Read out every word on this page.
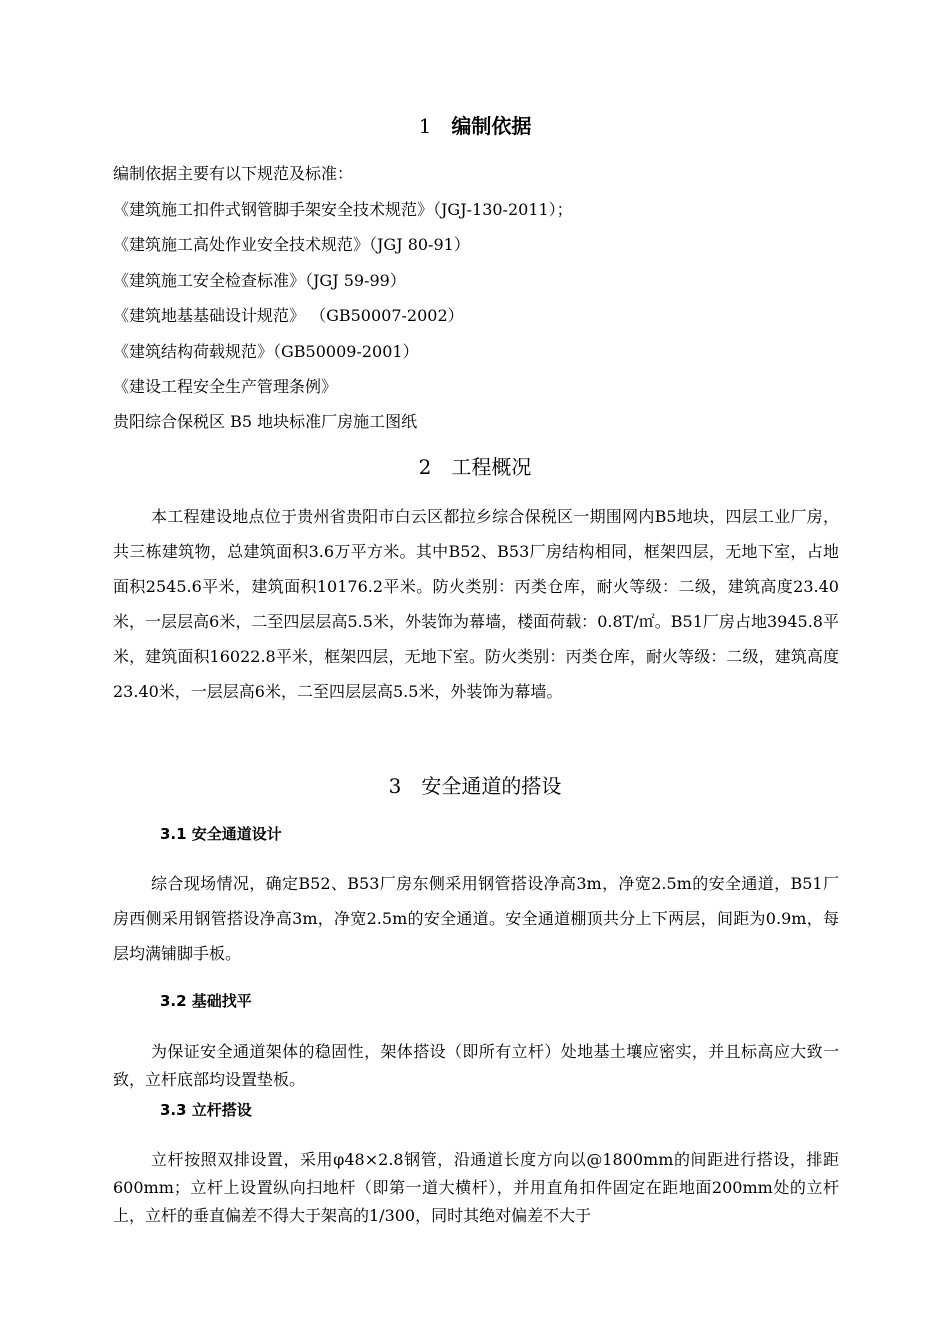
1 编制依据
编制依据主要有以下规范及标准：
《建筑施工扣件式钢管脚手架安全技术规范》（JGJ-130-2011）；
《建筑施工高处作业安全技术规范》（JGJ 80-91）
《建筑施工安全检查标准》（JGJ 59-99）
《建筑地基基础设计规范》 （GB50007-2002）
《建筑结构荷载规范》（GB50009-2001）
《建设工程安全生产管理条例》
贵阳综合保税区 B5 地块标准厂房施工图纸
2 工程概况
本工程建设地点位于贵州省贵阳市白云区都拉乡综合保税区一期围网内B5地块，四层工业厂房，共三栋建筑物，总建筑面积3.6万平方米。其中B52、B53厂房结构相同，框架四层，无地下室，占地面积2545.6平米，建筑面积10176.2平米。防火类别：丙类仓库，耐火等级：二级，建筑高度23.40米，一层层高6米，二至四层层高5.5米，外装饰为幕墙，楼面荷载：0.8T/㎡。B51厂房占地3945.8平米，建筑面积16022.8平米，框架四层，无地下室。防火类别：丙类仓库，耐火等级：二级，建筑高度23.40米，一层层高6米，二至四层层高5.5米，外装饰为幕墙。
3 安全通道的搭设
3.1 安全通道设计
综合现场情况，确定B52、B53厂房东侧采用钢管搭设净高3m，净宽2.5m的安全通道，B51厂房西侧采用钢管搭设净高3m，净宽2.5m的安全通道。安全通道棚顶共分上下两层，间距为0.9m，每层均满铺脚手板。
3.2 基础找平
为保证安全通道架体的稳固性，架体搭设（即所有立杆）处地基土壤应密实，并且标高应大致一致，立杆底部均设置垫板。
3.3 立杆搭设
立杆按照双排设置，采用φ48×2.8钢管，沿通道长度方向以@1800mm的间距进行搭设，排距600mm；立杆上设置纵向扫地杆（即第一道大横杆），并用直角扣件固定在距地面200mm处的立杆上，立杆的垂直偏差不得大于架高的1/300，同时其绝对偏差不大于
